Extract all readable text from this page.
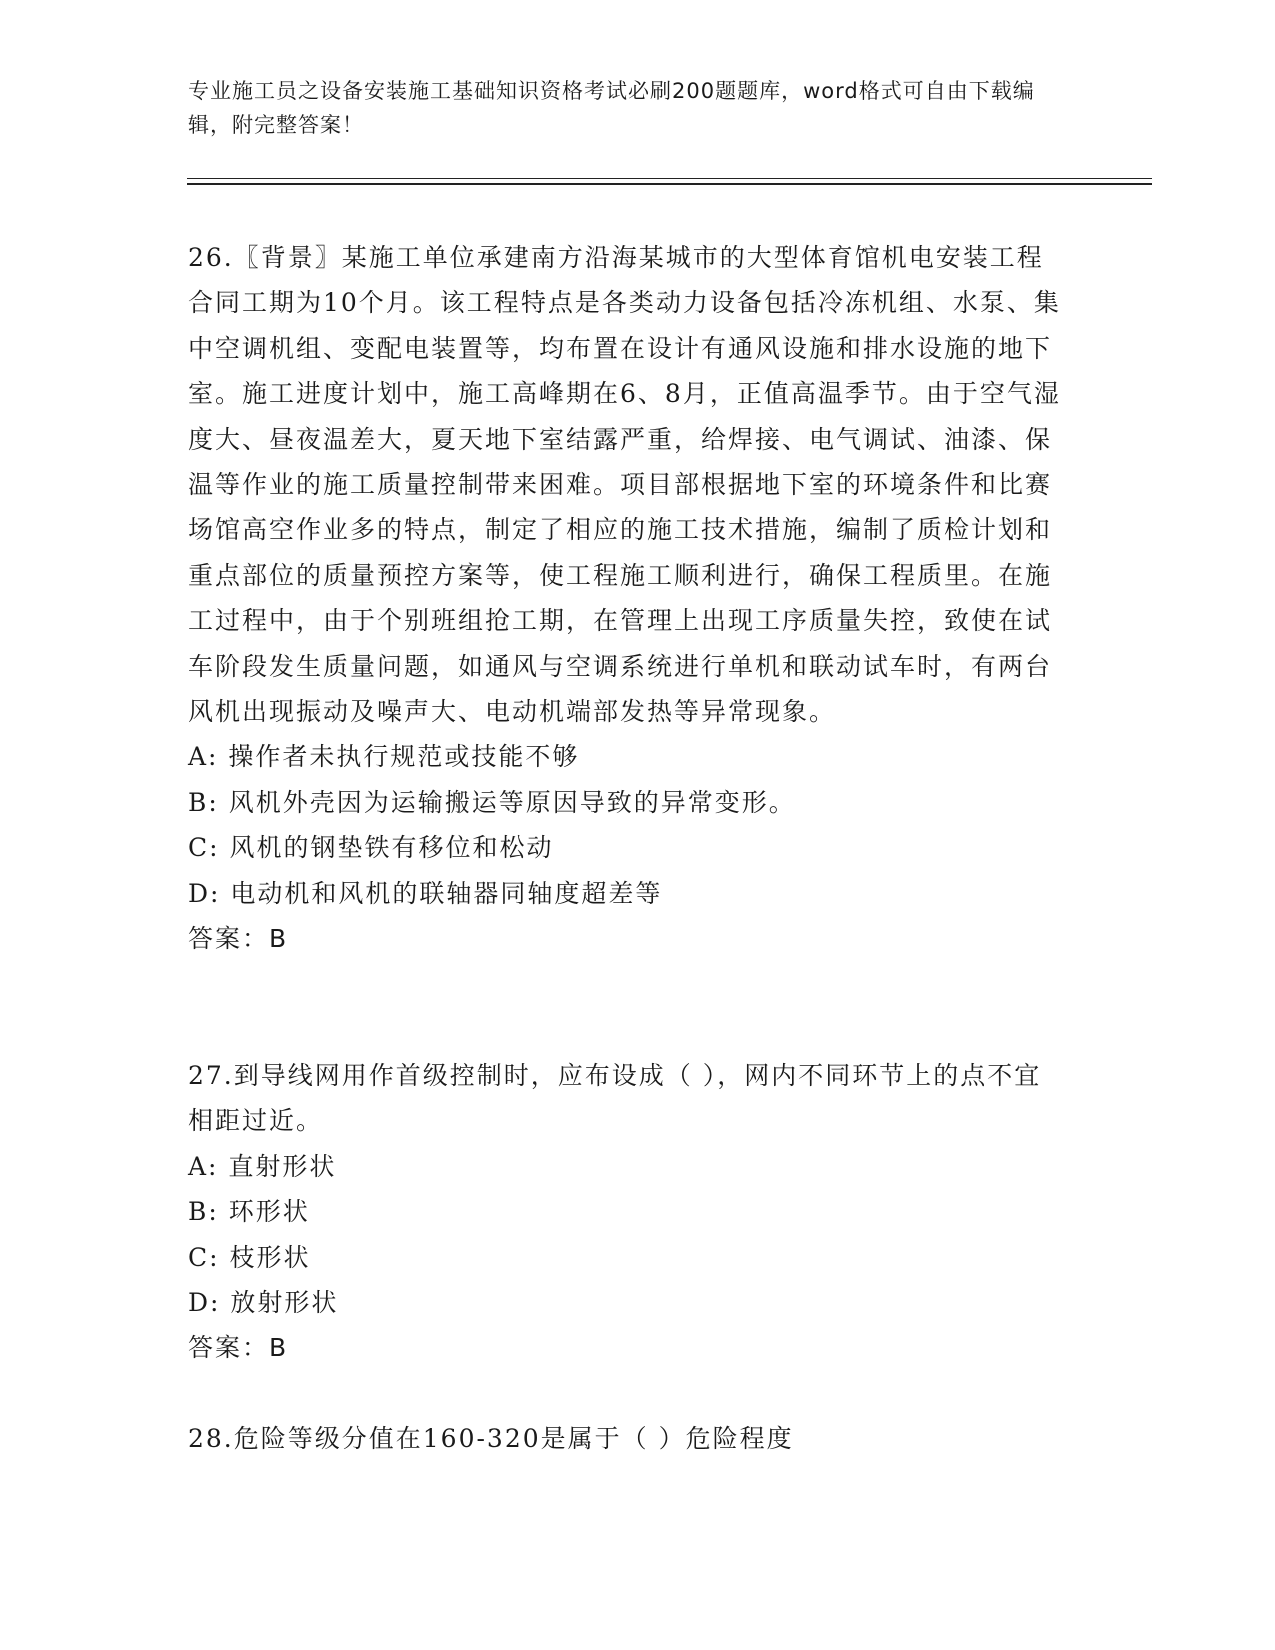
专业施工员之设备安装施工基础知识资格考试必刷200题题库，word格式可自由下载编辑，附完整答案！

26.〖背景〗某施工单位承建南方沿海某城市的大型体育馆机电安装工程合同工期为10个月。该工程特点是各类动力设备包括冷冻机组、水泵、集中空调机组、变配电装置等，均布置在设计有通风设施和排水设施的地下室。施工进度计划中，施工高峰期在6、8月，正值高温季节。由于空气湿度大、昼夜温差大，夏天地下室结露严重，给焊接、电气调试、油漆、保温等作业的施工质量控制带来困难。项目部根据地下室的环境条件和比赛场馆高空作业多的特点，制定了相应的施工技术措施，编制了质检计划和重点部位的质量预控方案等，使工程施工顺利进行，确保工程质里。在施工过程中，由于个别班组抢工期，在管理上出现工序质量失控，致使在试车阶段发生质量问题，如通风与空调系统进行单机和联动试车时，有两台风机出现振动及噪声大、电动机端部发热等异常现象。

A: 操作者未执行规范或技能不够

B: 风机外壳因为运输搬运等原因导致的异常变形。

C: 风机的钢垫铁有移位和松动

D: 电动机和风机的联轴器同轴度超差等

答案：B

27.到导线网用作首级控制时，应布设成（ ），网内不同环节上的点不宜相距过近。

A: 直射形状

B: 环形状

C: 枝形状

D: 放射形状

答案：B

28.危险等级分值在160-320是属于（ ）危险程度
